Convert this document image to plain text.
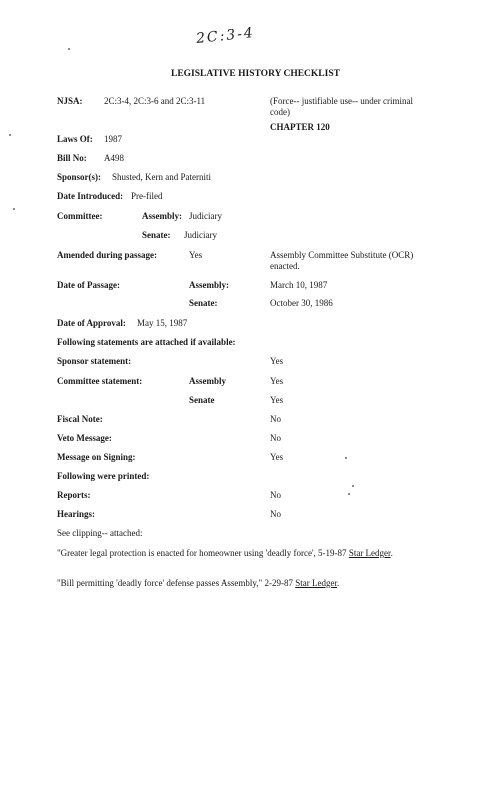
2C:3-4
LEGISLATIVE HISTORY CHECKLIST
NJSA: 2C:3-4, 2C:3-6 and 2C:3-11	(Force-- justifiable use-- under criminal code)
CHAPTER 120
Laws Of: 1987
Bill No: A498
Sponsor(s): Shusted, Kern and Paterniti
Date Introduced: Pre-filed
Committee:	Assembly: Judiciary
Senate: Judiciary
Amended during passage:	Yes	Assembly Committee Substitute (OCR) enacted.
Date of Passage:	Assembly:	March 10, 1987
Senate:	October 30, 1986
Date of Approval: May 15, 1987
Following statements are attached if available:
Sponsor statement:	Yes
Committee statement:	Assembly	Yes
Senate	Yes
Fiscal Note:	No
Veto Message:	No
Message on Signing:	Yes
Following were printed:
Reports:	No
Hearings:	No
See clipping-- attached:
"Greater legal protection is enacted for homeowner using 'deadly force', 5-19-87 Star Ledger.
"Bill permitting 'deadly force' defense passes Assembly," 2-29-87 Star Ledger.
